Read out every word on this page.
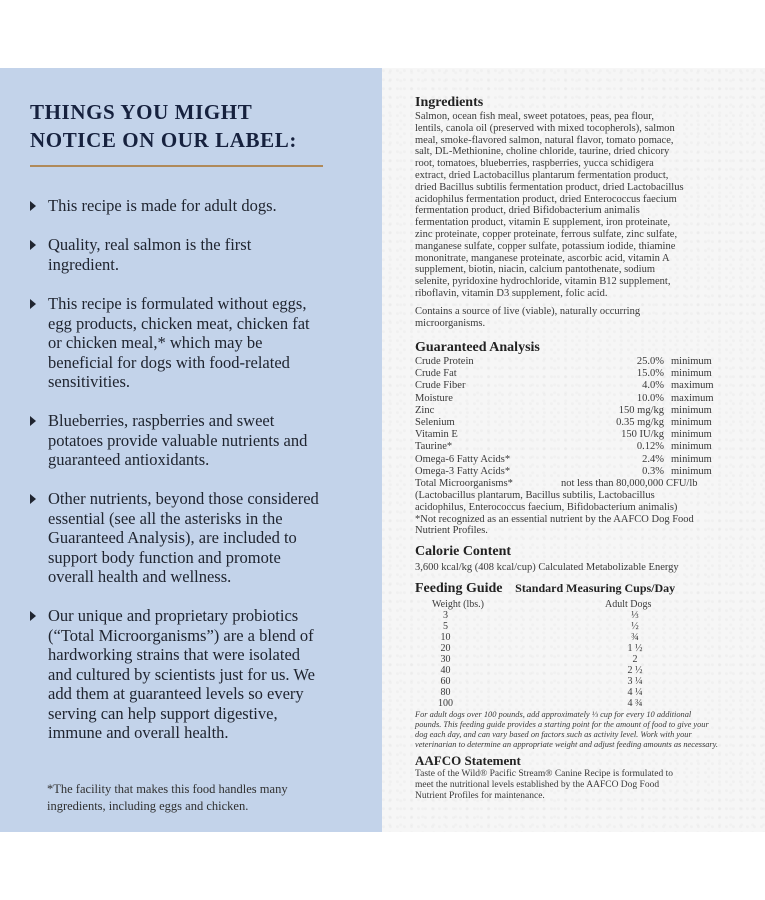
THINGS YOU MIGHT
NOTICE ON OUR LABEL:
This recipe is made for adult dogs.
Quality, real salmon is the first
ingredient.
This recipe is formulated without eggs,
egg products, chicken meat, chicken fat
or chicken meal,* which may be
beneficial for dogs with food-related
sensitivities.
Blueberries, raspberries and sweet
potatoes provide valuable nutrients and
guaranteed antioxidants.
Other nutrients, beyond those considered
essential (see all the asterisks in the
Guaranteed Analysis), are included to
support body function and promote
overall health and wellness.
Our unique and proprietary probiotics
(“Total Microorganisms”) are a blend of
hardworking strains that were isolated
and cultured by scientists just for us. We
add them at guaranteed levels so every
serving can help support digestive,
immune and overall health.
*The facility that makes this food handles many
ingredients, including eggs and chicken.
Ingredients
Salmon, ocean fish meal, sweet potatoes, peas, pea flour,
lentils, canola oil (preserved with mixed tocopherols), salmon
meal, smoke-flavored salmon, natural flavor, tomato pomace,
salt, DL-Methionine, choline chloride, taurine, dried chicory
root, tomatoes, blueberries, raspberries, yucca schidigera
extract, dried Lactobacillus plantarum fermentation product,
dried Bacillus subtilis fermentation product, dried Lactobacillus
acidophilus fermentation product, dried Enterococcus faecium
fermentation product, dried Bifidobacterium animalis
fermentation product, vitamin E supplement, iron proteinate,
zinc proteinate, copper proteinate, ferrous sulfate, zinc sulfate,
manganese sulfate, copper sulfate, potassium iodide, thiamine
mononitrate, manganese proteinate, ascorbic acid, vitamin A
supplement, biotin, niacin, calcium pantothenate, sodium
selenite, pyridoxine hydrochloride, vitamin B12 supplement,
riboflavin, vitamin D3 supplement, folic acid.
Contains a source of live (viable), naturally occurring
microorganisms.
Guaranteed Analysis
Crude Protein	25.0% minimum
Crude Fat	15.0% minimum
Crude Fiber	4.0% maximum
Moisture	10.0% maximum
Zinc	150 mg/kg minimum
Selenium	0.35 mg/kg minimum
Vitamin E	150 IU/kg minimum
Taurine*	0.12% minimum
Omega-6 Fatty Acids*	2.4% minimum
Omega-3 Fatty Acids*	0.3% minimum
Total Microorganisms*	not less than 80,000,000 CFU/lb
(Lactobacillus plantarum, Bacillus subtilis, Lactobacillus
acidophilus, Enterococcus faecium, Bifidobacterium animalis)
*Not recognized as an essential nutrient by the AAFCO Dog Food
Nutrient Profiles.
Calorie Content
3,600 kcal/kg (408 kcal/cup) Calculated Metabolizable Energy
Feeding Guide Standard Measuring Cups/Day
Weight (lbs.)	Adult Dogs
3	⅓
5	½
10	¾
20	1 ½
30	2
40	2 ½
60	3 ¼
80	4 ¼
100	4 ¾
For adult dogs over 100 pounds, add approximately ⅓ cup for every 10 additional
pounds. This feeding guide provides a starting point for the amount of food to give your
dog each day, and can vary based on factors such as activity level. Work with your
veterinarian to determine an appropriate weight and adjust feeding amounts as necessary.
AAFCO Statement
Taste of the Wild® Pacific Stream® Canine Recipe is formulated to
meet the nutritional levels established by the AAFCO Dog Food
Nutrient Profiles for maintenance.
